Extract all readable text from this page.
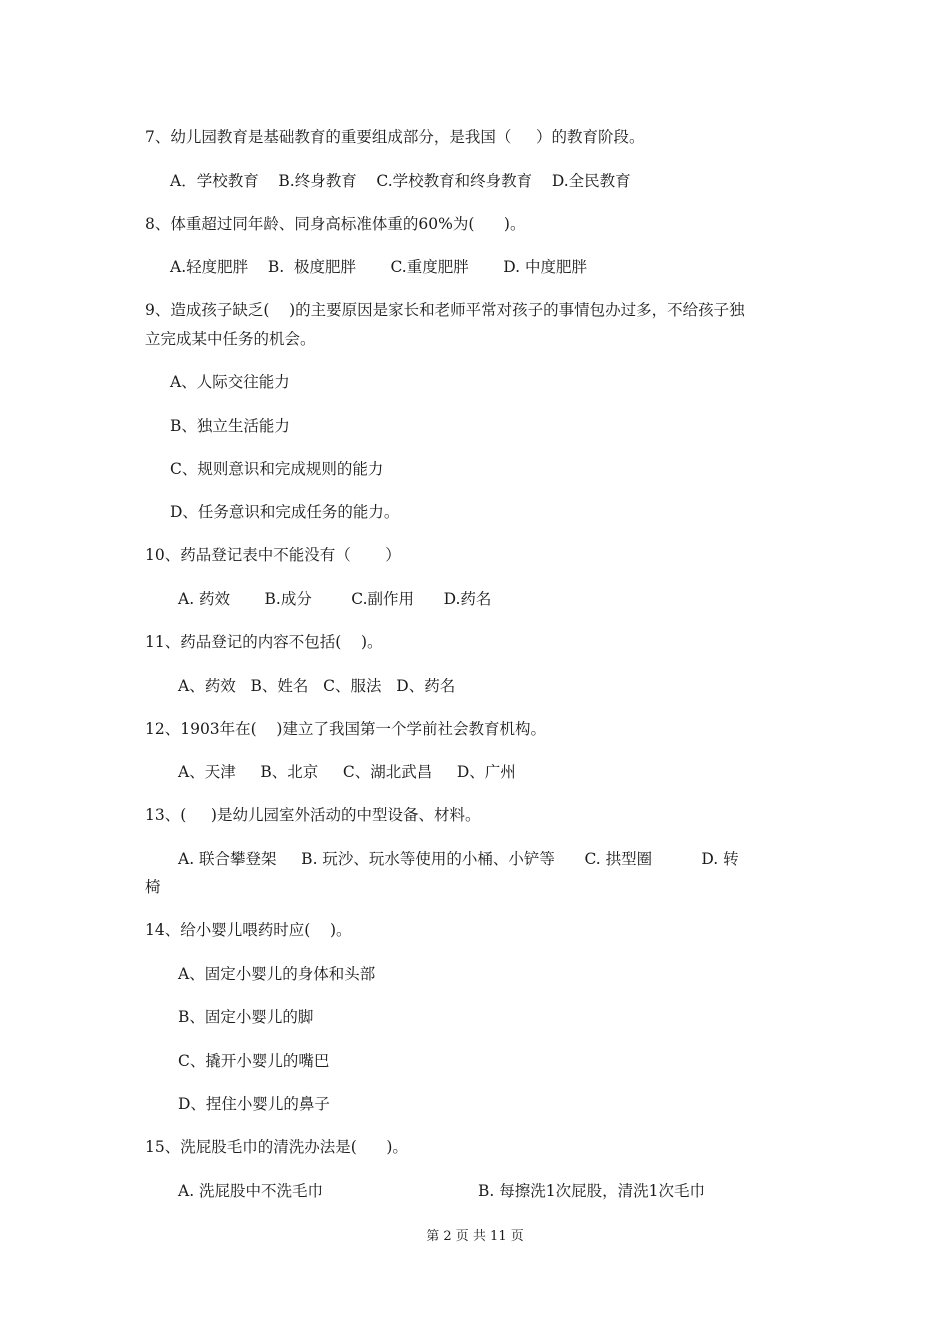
7、幼儿园教育是基础教育的重要组成部分，是我国（     ）的教育阶段。
A．学校教育    B.终身教育    C.学校教育和终身教育    D.全民教育
8、体重超过同年龄、同身高标准体重的60%为(      )。
A.轻度肥胖    B.  极度肥胖       C.重度肥胖       D. 中度肥胖
9、造成孩子缺乏(    )的主要原因是家长和老师平常对孩子的事情包办过多，不给孩子独
立完成某中任务的机会。
A、人际交往能力
B、独立生活能力
C、规则意识和完成规则的能力
D、任务意识和完成任务的能力。
10、药品登记表中不能没有（       ）
A. 药效       B.成分        C.副作用      D.药名
11、药品登记的内容不包括(    )。
A、药效   B、姓名   C、服法   D、药名
12、1903年在(    )建立了我国第一个学前社会教育机构。
A、天津     B、北京     C、湖北武昌     D、广州
13、(     )是幼儿园室外活动的中型设备、材料。
A. 联合攀登架     B. 玩沙、玩水等使用的小桶、小铲等      C. 拱型圈          D. 转
椅
14、给小婴儿喂药时应(    )。
A、固定小婴儿的身体和头部
B、固定小婴儿的脚
C、撬开小婴儿的嘴巴
D、捏住小婴儿的鼻子
15、洗屁股毛巾的清洗办法是(      )。
A. 洗屁股中不洗毛巾	B. 每擦洗1次屁股，清洗1次毛巾
第 2 页 共 11 页
